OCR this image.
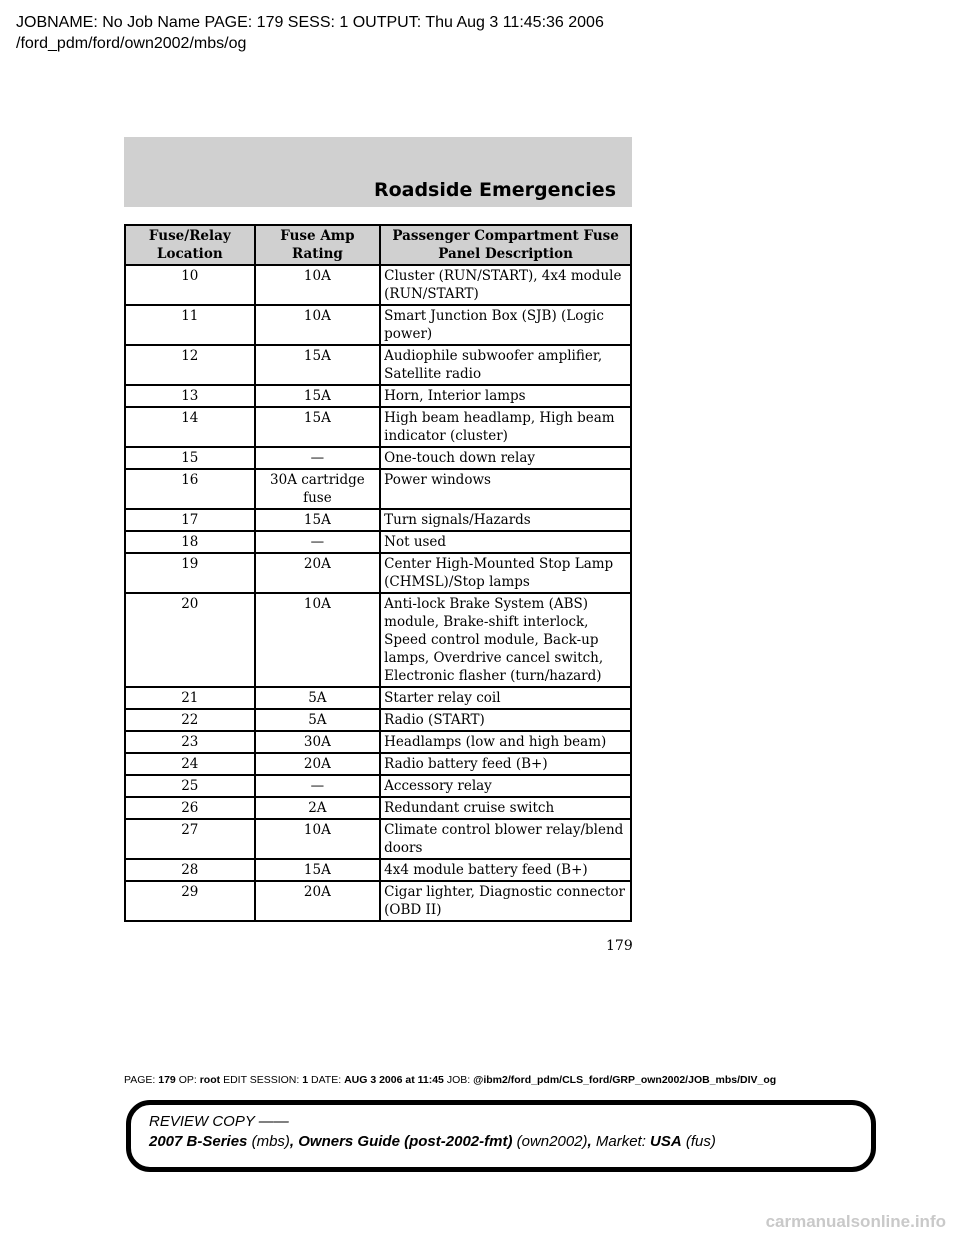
JOBNAME: No Job Name PAGE: 179 SESS: 1 OUTPUT: Thu Aug 3 11:45:36 2006
/ford_pdm/ford/own2002/mbs/og
Roadside Emergencies
Fuse/Relay Location	Fuse Amp Rating	Passenger Compartment Fuse Panel Description
10	10A	Cluster (RUN/START), 4x4 module (RUN/START)
11	10A	Smart Junction Box (SJB) (Logic power)
12	15A	Audiophile subwoofer amplifier, Satellite radio
13	15A	Horn, Interior lamps
14	15A	High beam headlamp, High beam indicator (cluster)
15	—	One-touch down relay
16	30A cartridge fuse	Power windows
17	15A	Turn signals/Hazards
18	—	Not used
19	20A	Center High-Mounted Stop Lamp (CHMSL)/Stop lamps
20	10A	Anti-lock Brake System (ABS) module, Brake-shift interlock, Speed control module, Back-up lamps, Overdrive cancel switch, Electronic flasher (turn/hazard)
21	5A	Starter relay coil
22	5A	Radio (START)
23	30A	Headlamps (low and high beam)
24	20A	Radio battery feed (B+)
25	—	Accessory relay
26	2A	Redundant cruise switch
27	10A	Climate control blower relay/blend doors
28	15A	4x4 module battery feed (B+)
29	20A	Cigar lighter, Diagnostic connector (OBD II)
179
PAGE: 179 OP: root EDIT SESSION: 1 DATE: AUG 3 2006 at 11:45 JOB: @ibm2/ford_pdm/CLS_ford/GRP_own2002/JOB_mbs/DIV_og
REVIEW COPY ——
2007 B-Series (mbs), Owners Guide (post-2002-fmt) (own2002), Market: USA (fus)
carmanualsonline.info
